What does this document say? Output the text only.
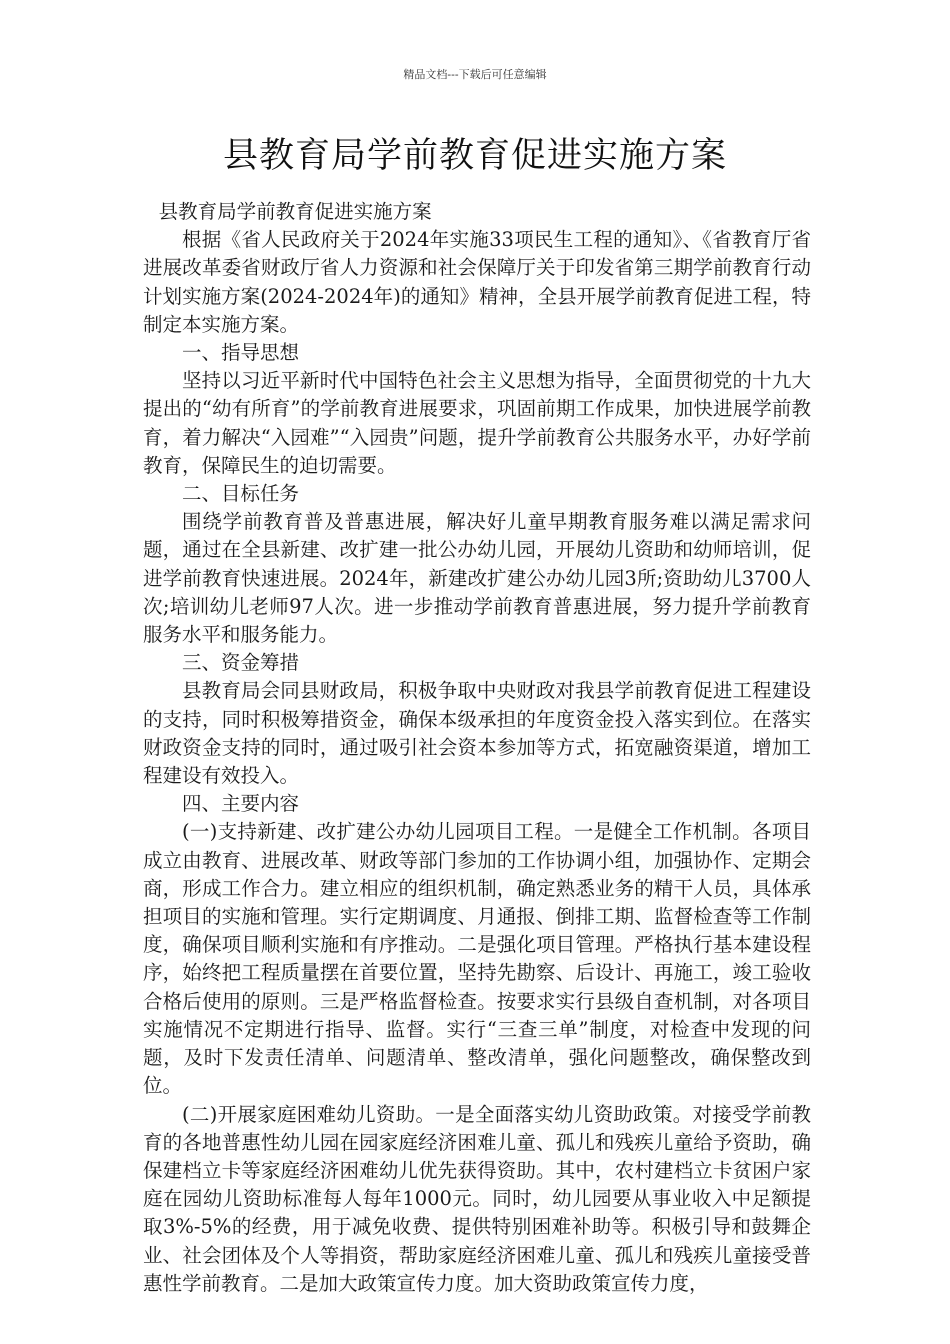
精品文档---下载后可任意编辑
县教育局学前教育促进实施方案

县教育局学前教育促进实施方案

根据《省人民政府关于2024年实施33项民生工程的通知》、《省教育厅省进展改革委省财政厅省人力资源和社会保障厅关于印发省第三期学前教育行动计划实施方案(2024-2024年)的通知》精神，全县开展学前教育促进工程，特制定本实施方案。

一、指导思想

坚持以习近平新时代中国特色社会主义思想为指导，全面贯彻党的十九大提出的“幼有所育”的学前教育进展要求，巩固前期工作成果，加快进展学前教育，着力解决“入园难”“入园贵”问题，提升学前教育公共服务水平，办好学前教育，保障民生的迫切需要。

二、目标任务

围绕学前教育普及普惠进展，解决好儿童早期教育服务难以满足需求问题，通过在全县新建、改扩建一批公办幼儿园，开展幼儿资助和幼师培训，促进学前教育快速进展。2024年，新建改扩建公办幼儿园3所;资助幼儿3700人次;培训幼儿老师97人次。进一步推动学前教育普惠进展，努力提升学前教育服务水平和服务能力。

三、资金筹措

县教育局会同县财政局，积极争取中央财政对我县学前教育促进工程建设的支持，同时积极筹措资金，确保本级承担的年度资金投入落实到位。在落实财政资金支持的同时，通过吸引社会资本参加等方式，拓宽融资渠道，增加工程建设有效投入。

四、主要内容

(一)支持新建、改扩建公办幼儿园项目工程。一是健全工作机制。各项目成立由教育、进展改革、财政等部门参加的工作协调小组，加强协作、定期会商，形成工作合力。建立相应的组织机制，确定熟悉业务的精干人员，具体承担项目的实施和管理。实行定期调度、月通报、倒排工期、监督检查等工作制度，确保项目顺利实施和有序推动。二是强化项目管理。严格执行基本建设程序，始终把工程质量摆在首要位置，坚持先勘察、后设计、再施工，竣工验收合格后使用的原则。三是严格监督检查。按要求实行县级自查机制，对各项目实施情况不定期进行指导、监督。实行“三查三单”制度，对检查中发现的问题，及时下发责任清单、问题清单、整改清单，强化问题整改，确保整改到位。

(二)开展家庭困难幼儿资助。一是全面落实幼儿资助政策。对接受学前教育的各地普惠性幼儿园在园家庭经济困难儿童、孤儿和残疾儿童给予资助，确保建档立卡等家庭经济困难幼儿优先获得资助。其中，农村建档立卡贫困户家庭在园幼儿资助标准每人每年1000元。同时，幼儿园要从事业收入中足额提取3%-5%的经费，用于减免收费、提供特别困难补助等。积极引导和鼓舞企业、社会团体及个人等捐资，帮助家庭经济困难儿童、孤儿和残疾儿童接受普惠性学前教育。二是加大政策宣传力度。加大资助政策宣传力度，
